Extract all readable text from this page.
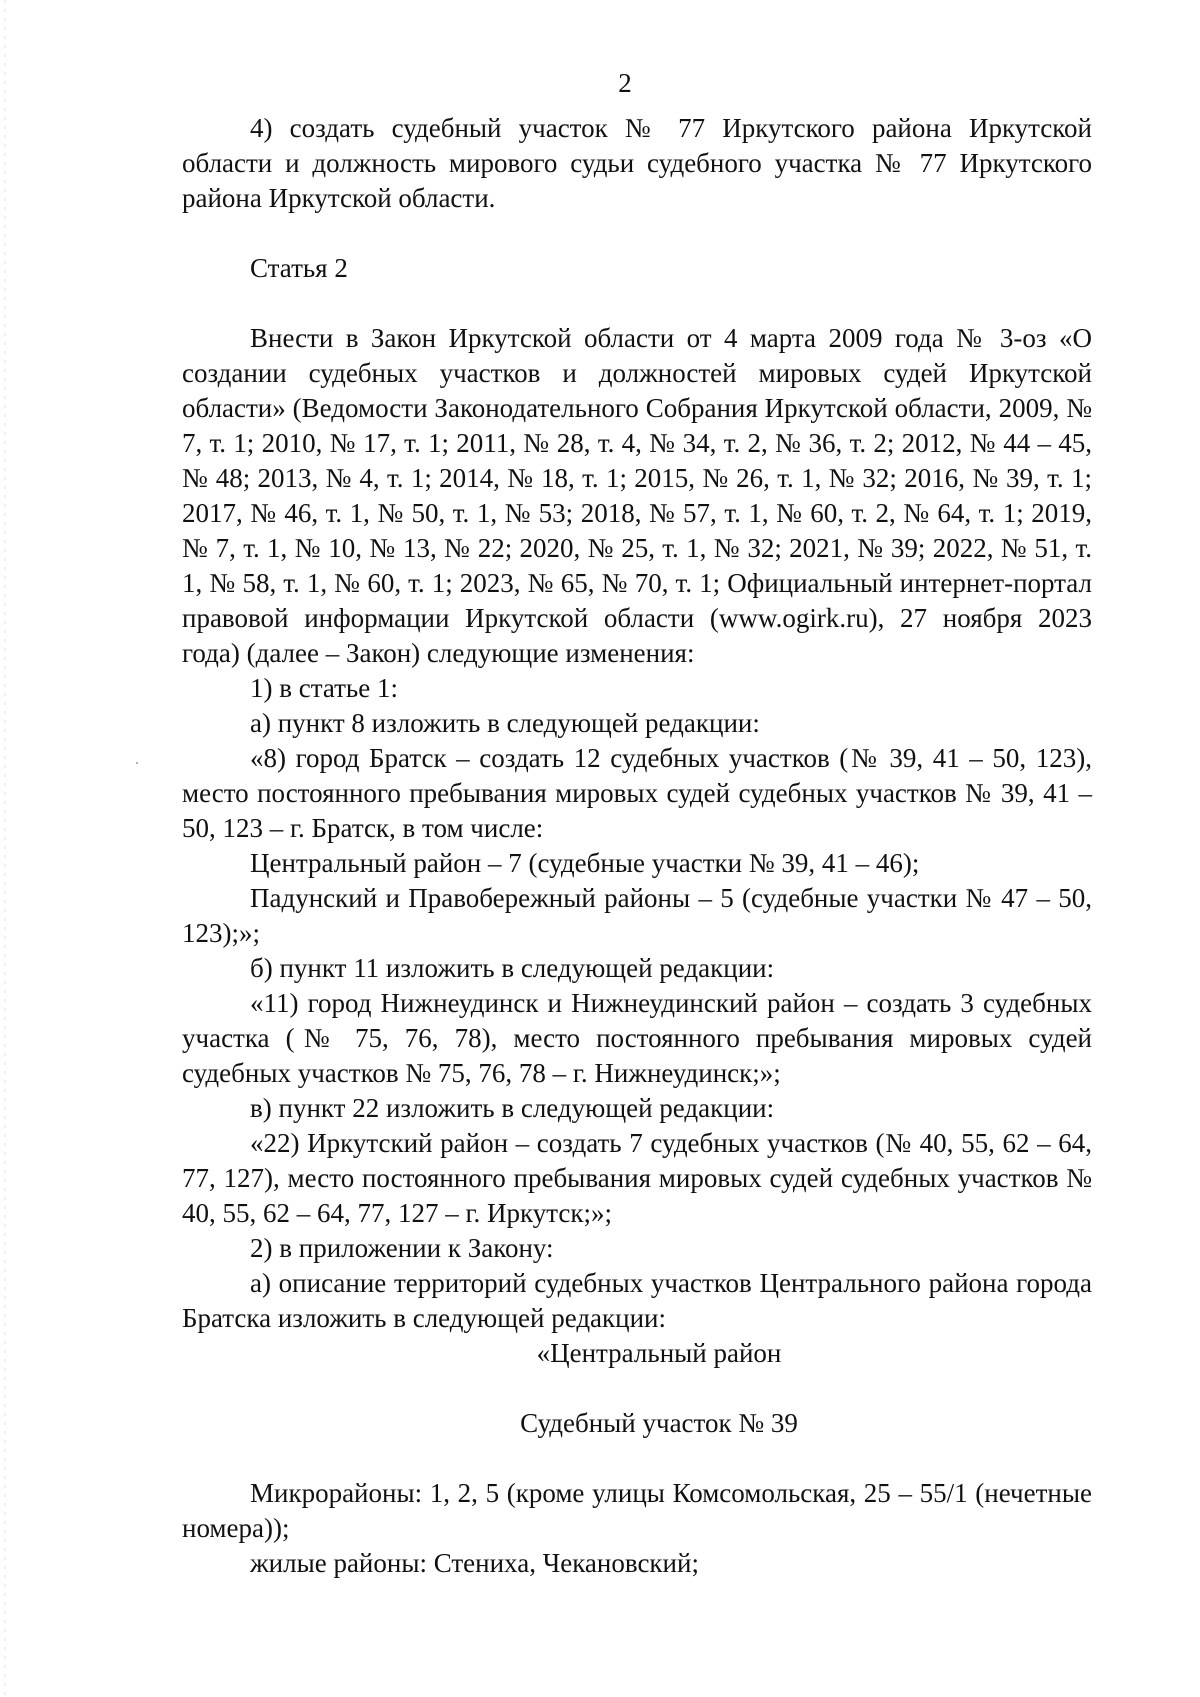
2

4) создать судебный участок № 77 Иркутского района Иркутской области и должность мирового судьи судебного участка № 77 Иркутского района Иркутской области.

Статья 2

Внести в Закон Иркутской области от 4 марта 2009 года № 3-оз «О создании судебных участков и должностей мировых судей Иркутской области» (Ведомости Законодательного Собрания Иркутской области, 2009, № 7, т. 1; 2010, № 17, т. 1; 2011, № 28, т. 4, № 34, т. 2, № 36, т. 2; 2012, № 44 – 45, № 48; 2013, № 4, т. 1; 2014, № 18, т. 1; 2015, № 26, т. 1, № 32; 2016, № 39, т. 1; 2017, № 46, т. 1, № 50, т. 1, № 53; 2018, № 57, т. 1, № 60, т. 2, № 64, т. 1; 2019, № 7, т. 1, № 10, № 13, № 22; 2020, № 25, т. 1, № 32; 2021, № 39; 2022, № 51, т. 1, № 58, т. 1, № 60, т. 1; 2023, № 65, № 70, т. 1; Официальный интернет-портал правовой информации Иркутской области (www.ogirk.ru), 27 ноября 2023 года) (далее – Закон) следующие изменения:

1) в статье 1:

а) пункт 8 изложить в следующей редакции:

«8) город Братск – создать 12 судебных участков (№ 39, 41 – 50, 123), место постоянного пребывания мировых судей судебных участков № 39, 41 – 50, 123 – г. Братск, в том числе:

Центральный район – 7 (судебные участки № 39, 41 – 46);

Падунский и Правобережный районы – 5 (судебные участки № 47 – 50, 123);»;

б) пункт 11 изложить в следующей редакции:

«11) город Нижнеудинск и Нижнеудинский район – создать 3 судебных участка (№ 75, 76, 78), место постоянного пребывания мировых судей судебных участков № 75, 76, 78 – г. Нижнеудинск;»;

в) пункт 22 изложить в следующей редакции:

«22) Иркутский район – создать 7 судебных участков (№ 40, 55, 62 – 64, 77, 127), место постоянного пребывания мировых судей судебных участков № 40, 55, 62 – 64, 77, 127 – г. Иркутск;»;

2) в приложении к Закону:

а) описание территорий судебных участков Центрального района города Братска изложить в следующей редакции:

«Центральный район

Судебный участок № 39

Микрорайоны: 1, 2, 5 (кроме улицы Комсомольская, 25 – 55/1 (нечетные номера));

жилые районы: Стениха, Чекановский;
